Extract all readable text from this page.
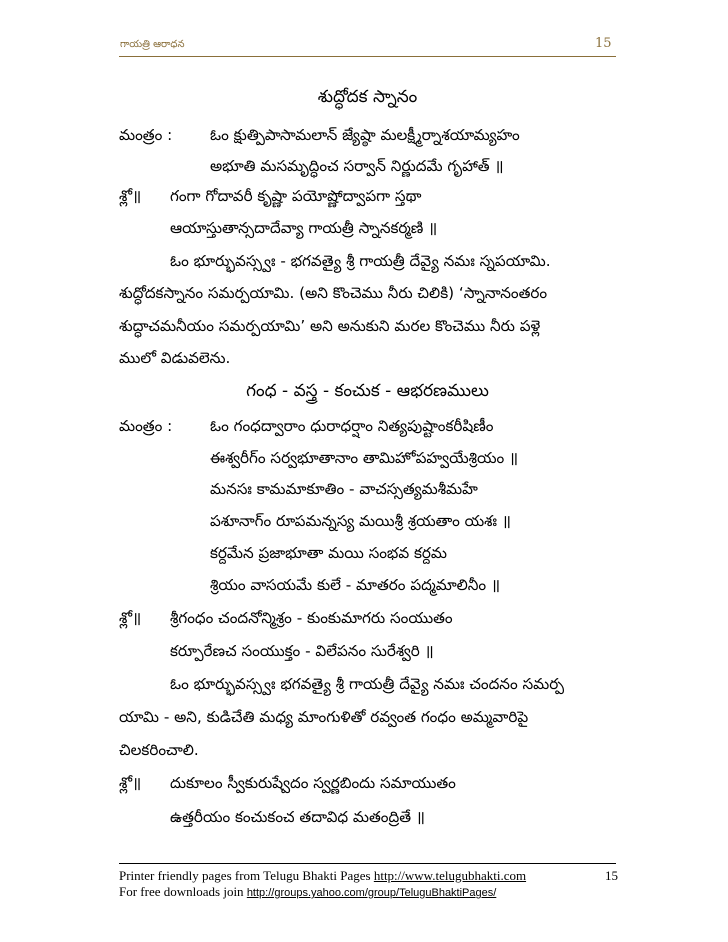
గాయత్రి ఆరాధన	15
శుద్ధోదక స్నానం
మంత్రం : ఓం క్షుత్పిపాసామలాన్ జ్యేష్ఠా మలక్ష్మీర్నాశయామ్యహం
అభూతి మసమృద్ధించ సర్వాన్ నిర్ణుదమే గృహాత్ ॥
శ్లో॥ గంగా గోదావరీ కృష్ణా పయోష్ణోద్వాపగా స్తథా
ఆయాస్తుతాన్సదాదేవ్యా గాయత్రీ స్నానకర్మణి ॥
ఓం భూర్భువస్స్వః - భగవత్యై శ్రీ గాయత్రీ దేవ్యై నమః స్నపయామి.
శుద్ధోదకస్నానం సమర్పయామి. (అని కొంచెము నీరు చిలికి) ‘స్నానానంతరం
శుద్ధాచమనీయం సమర్పయామి’ అని అనుకుని మరల కొంచెము నీరు పళ్లె
ములో విడువలెను.
గంధ - వస్త్ర - కంచుక - ఆభరణములు
మంత్రం : ఓం గంధద్వారాం ధురాధర్షాం నిత్యపుష్టాంకరీషిణీం
ఈశ్వరీగ్ం సర్వభూతానాం తామిహోపహ్వయేశ్రియం ॥
మనసః కామమాకూతిం - వాచస్సత్యమశీమహే
పశూనాగ్ం రూపమన్నస్య మయిశ్రీ శ్రయతాం యశః ॥
కర్దమేన ప్రజాభూతా మయి సంభవ కర్దమ
శ్రియం వాసయమే కులే - మాతరం పద్మమాలినీం ॥
శ్లో॥ శ్రీగంధం చందనోన్మిశ్రం - కుంకుమాగరు సంయుతం
కర్పూరేణచ సంయుక్తం - విలేపనం సురేశ్వరి ॥
ఓం భూర్భువస్స్వః భగవత్యై శ్రీ గాయత్రీ దేవ్యై నమః చందనం సమర్ప
యామి - అని, కుడిచేతి మధ్య మాంగుళితో రవ్వంత గంధం అమ్మవారిపై
చిలకరించాలి.
శ్లో॥ దుకూలం స్వీకురుష్వేదం స్వర్ణబిందు సమాయుతం
ఉత్తరీయం కంచుకంచ తదావిధ మతంద్రితే ॥
Printer friendly pages from Telugu Bhakti Pages http://www.telugubhakti.com	15
For free downloads join http://groups.yahoo.com/group/TeluguBhaktiPages/
